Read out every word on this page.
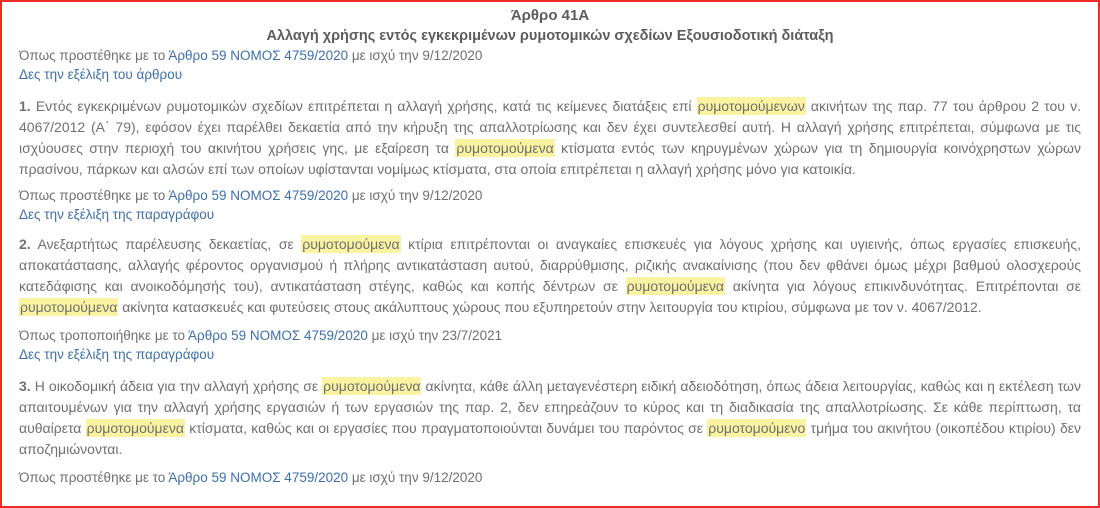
Άρθρο 41Α
Αλλαγή χρήσης εντός εγκεκριμένων ρυμοτομικών σχεδίων Εξουσιοδοτική διάταξη
Όπως προστέθηκε με το Άρθρο 59 ΝΟΜΟΣ 4759/2020 με ισχύ την 9/12/2020
Δες την εξέλιξη του άρθρου
1. Εντός εγκεκριμένων ρυμοτομικών σχεδίων επιτρέπεται η αλλαγή χρήσης, κατά τις κείμενες διατάξεις επί ρυμοτομούμενων ακινήτων της παρ. 77 του άρθρου 2 του ν. 4067/2012 (Α΄ 79), εφόσον έχει παρέλθει δεκαετία από την κήρυξη της απαλλοτρίωσης και δεν έχει συντελεσθεί αυτή. Η αλλαγή χρήσης επιτρέπεται, σύμφωνα με τις ισχύουσες στην περιοχή του ακινήτου χρήσεις γης, με εξαίρεση τα ρυμοτομούμενα κτίσματα εντός των κηρυγμένων χώρων για τη δημιουργία κοινόχρηστων χώρων πρασίνου, πάρκων και αλσών επί των οποίων υφίστανται νομίμως κτίσματα, στα οποία επιτρέπεται η αλλαγή χρήσης μόνο για κατοικία.
Όπως προστέθηκε με το Άρθρο 59 ΝΟΜΟΣ 4759/2020 με ισχύ την 9/12/2020
Δες την εξέλιξη της παραγράφου
2. Ανεξαρτήτως παρέλευσης δεκαετίας, σε ρυμοτομούμενα κτίρια επιτρέπονται οι αναγκαίες επισκευές για λόγους χρήσης και υγιεινής, όπως εργασίες επισκευής, αποκατάστασης, αλλαγής φέροντος οργανισμού ή πλήρης αντικατάσταση αυτού, διαρρύθμισης, ριζικής ανακαίνισης (που δεν φθάνει όμως μέχρι βαθμού ολοσχερούς κατεδάφισης και ανοικοδόμησής του), αντικατάσταση στέγης, καθώς και κοπής δέντρων σε ρυμοτομούμενα ακίνητα για λόγους επικινδυνότητας. Επιτρέπονται σε ρυμοτομούμενα ακίνητα κατασκευές και φυτεύσεις στους ακάλυπτους χώρους που εξυπηρετούν στην λειτουργία του κτιρίου, σύμφωνα με τον ν. 4067/2012.
Όπως τροποποιήθηκε με το Άρθρο 59 ΝΟΜΟΣ 4759/2020 με ισχύ την 23/7/2021
Δες την εξέλιξη της παραγράφου
3. Η οικοδομική άδεια για την αλλαγή χρήσης σε ρυμοτομούμενα ακίνητα, κάθε άλλη μεταγενέστερη ειδική αδειοδότηση, όπως άδεια λειτουργίας, καθώς και η εκτέλεση των απαιτουμένων για την αλλαγή χρήσης εργασιών ή των εργασιών της παρ. 2, δεν επηρεάζουν το κύρος και τη διαδικασία της απαλλοτρίωσης. Σε κάθε περίπτωση, τα αυθαίρετα ρυμοτομούμενα κτίσματα, καθώς και οι εργασίες που πραγματοποιούνται δυνάμει του παρόντος σε ρυμοτομούμενο τμήμα του ακινήτου (οικοπέδου κτιρίου) δεν αποζημιώνονται.
Όπως προστέθηκε με το Άρθρο 59 ΝΟΜΟΣ 4759/2020 με ισχύ την 9/12/2020
